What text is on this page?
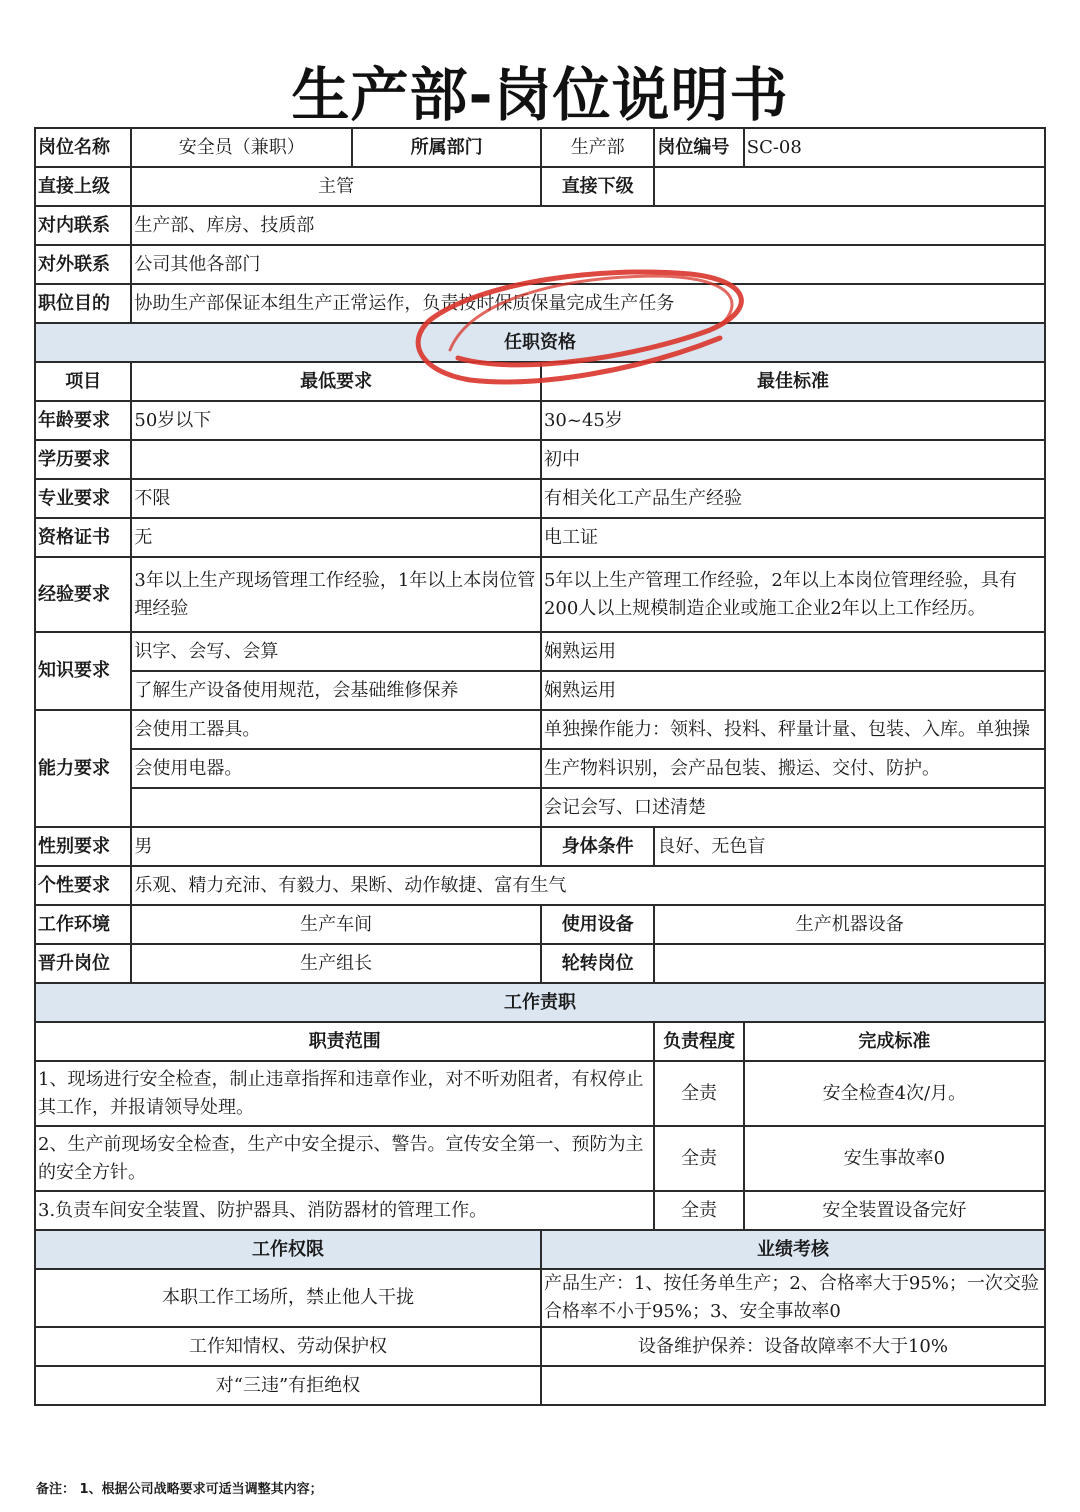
生产部-岗位说明书
岗位名称	安全员（兼职）	所属部门	生产部	岗位编号	SC-08
直接上级	主管		直接下级		
对内联系	生产部、库房、技质部				
对外联系	公司其他各部门				
职位目的	协助生产部保证本组生产正常运作，负责按时保质保量完成生产任务				
任职资格					
项目	最低要求		最佳标准		
年龄要求	50岁以下		30~45岁		
学历要求			初中		
专业要求	不限		有相关化工产品生产经验		
资格证书	无		电工证		
经验要求	3年以上生产现场管理工作经验，1年以上本岗位管理经验		5年以上生产管理工作经验，2年以上本岗位管理经验，具有200人以上规模制造企业或施工企业2年以上工作经历。		
知识要求	识字、会写、会算		娴熟运用		
	了解生产设备使用规范，会基础维修保养		娴熟运用		
能力要求	会使用工器具。		单独操作能力：领料、投料、秤量计量、包装、入库。单独操		

	会使用电器。		生产物料识别，会产品包装、搬运、交付、防护。		
			会记会写、口述清楚		
性别要求	男		身体条件	良好、无色盲	
个性要求	乐观、精力充沛、有毅力、果断、动作敏捷、富有生气				
工作环境	生产车间		使用设备	生产机器设备	
晋升岗位	生产组长		轮转岗位		
工作责职					
职责范围				负责程度	完成标准
1、现场进行安全检查，制止违章指挥和违章作业，对不听劝阻者，有权停止其工作，并报请领导处理。				全责	安全检查4次/月。
2、生产前现场安全检查，生产中安全提示、警告。宣传安全第一、预防为主的安全方针。				全责	安生事故率0
3.负责车间安全装置、防护器具、消防器材的管理工作。				全责	安全装置设备完好
工作权限			业绩考核		
本职工作工场所，禁止他人干拢			产品生产：1、按任务单生产；2、合格率大于95%；一次交验合格率不小于95%；3、安全事故率0		
工作知情权、劳动保护权			设备维护保养：设备故障率不大于10%		
对“三违”有拒绝权					
备注： 1、根据公司战略要求可适当调整其内容；
